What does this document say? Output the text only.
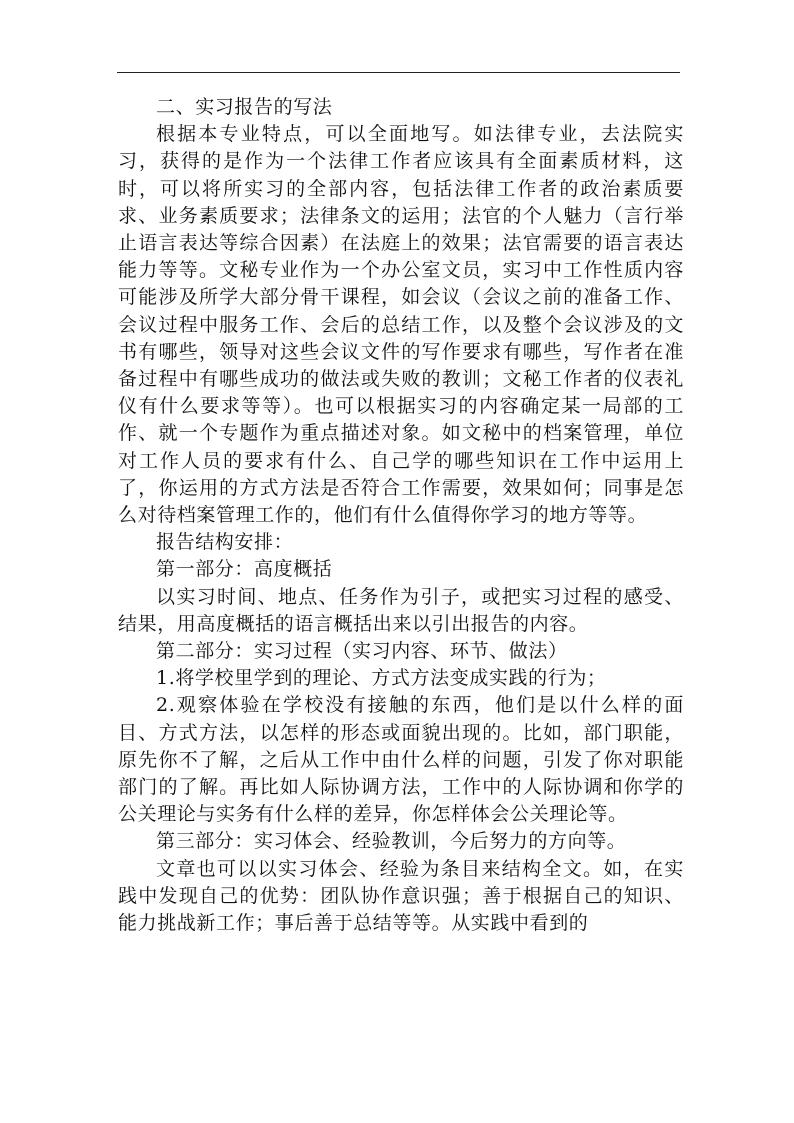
二、实习报告的写法

根据本专业特点，可以全面地写。如法律专业，去法院实习，获得的是作为一个法律工作者应该具有全面素质材料，这时，可以将所实习的全部内容，包括法律工作者的政治素质要求、业务素质要求；法律条文的运用；法官的个人魅力（言行举止语言表达等综合因素）在法庭上的效果；法官需要的语言表达能力等等。文秘专业作为一个办公室文员，实习中工作性质内容可能涉及所学大部分骨干课程，如会议（会议之前的准备工作、会议过程中服务工作、会后的总结工作，以及整个会议涉及的文书有哪些，领导对这些会议文件的写作要求有哪些，写作者在准备过程中有哪些成功的做法或失败的教训；文秘工作者的仪表礼仪有什么要求等等）。也可以根据实习的内容确定某一局部的工作、就一个专题作为重点描述对象。如文秘中的档案管理，单位对工作人员的要求有什么、自己学的哪些知识在工作中运用上了，你运用的方式方法是否符合工作需要，效果如何；同事是怎么对待档案管理工作的，他们有什么值得你学习的地方等等。

报告结构安排：

第一部分：高度概括

以实习时间、地点、任务作为引子，或把实习过程的感受、结果，用高度概括的语言概括出来以引出报告的内容。

第二部分：实习过程（实习内容、环节、做法）

1.将学校里学到的理论、方式方法变成实践的行为；

2.观察体验在学校没有接触的东西，他们是以什么样的面目、方式方法，以怎样的形态或面貌出现的。比如，部门职能，原先你不了解，之后从工作中由什么样的问题，引发了你对职能部门的了解。再比如人际协调方法，工作中的人际协调和你学的公关理论与实务有什么样的差异，你怎样体会公关理论等。

第三部分：实习体会、经验教训，今后努力的方向等。

文章也可以以实习体会、经验为条目来结构全文。如，在实践中发现自己的优势：团队协作意识强；善于根据自己的知识、能力挑战新工作；事后善于总结等等。从实践中看到的
